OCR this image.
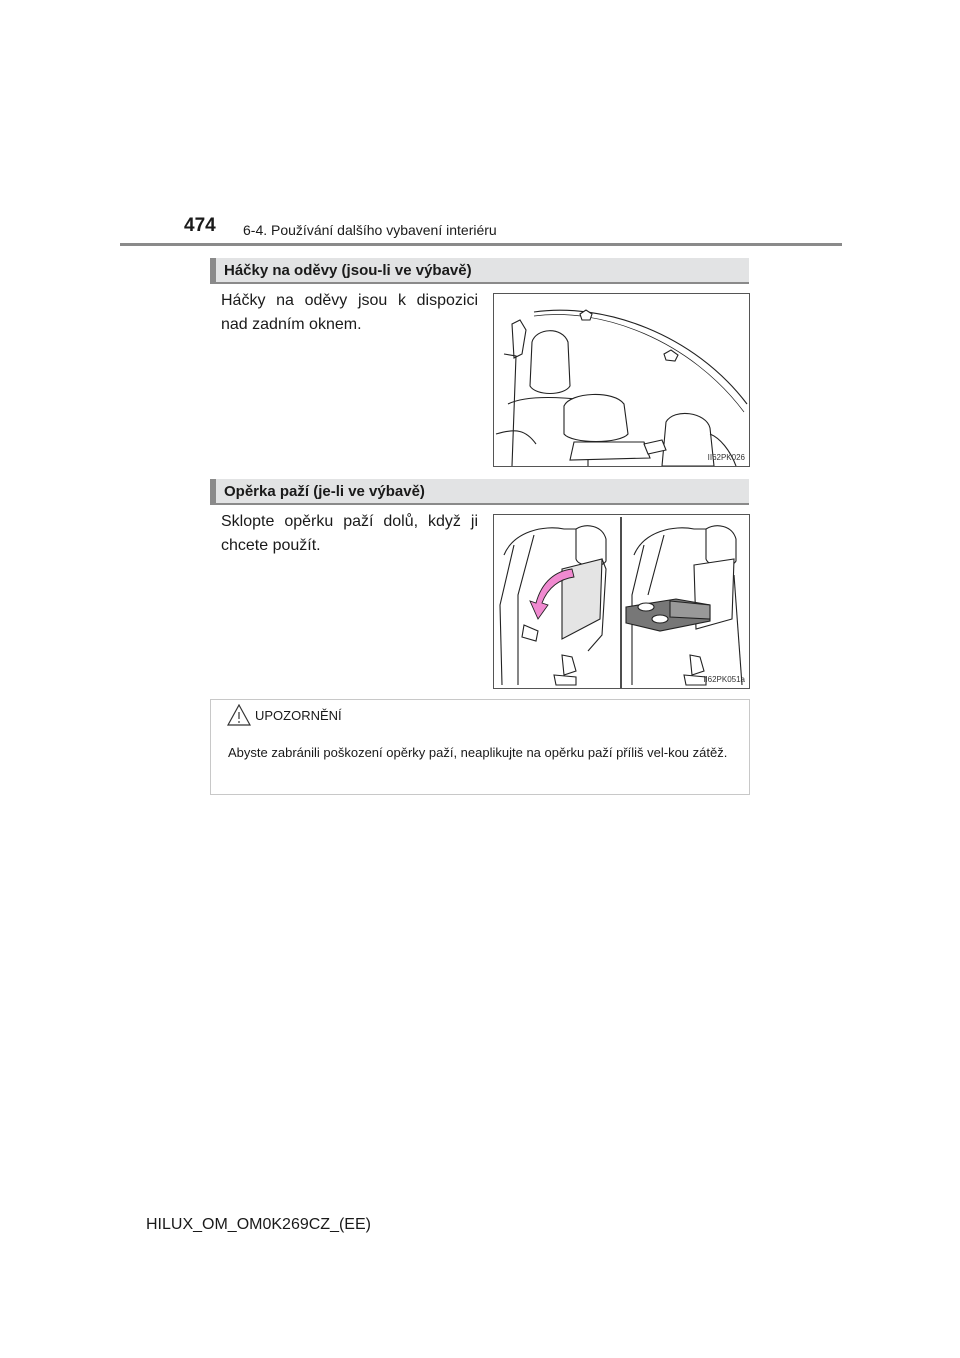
474 6-4. Používání dalšího vybavení interiéru
Háčky na oděvy (jsou-li ve výbavě)
Háčky na oděvy jsou k dispozici nad zadním oknem.
II62PK026
Opěrka paží (je-li ve výbavě)
Sklopte opěrku paží dolů, když ji chcete použít.
II62PK051a
UPOZORNĚNÍ
Abyste zabránili poškození opěrky paží, neaplikujte na opěrku paží příliš vel-kou zátěž.
HILUX_OM_OM0K269CZ_(EE)
